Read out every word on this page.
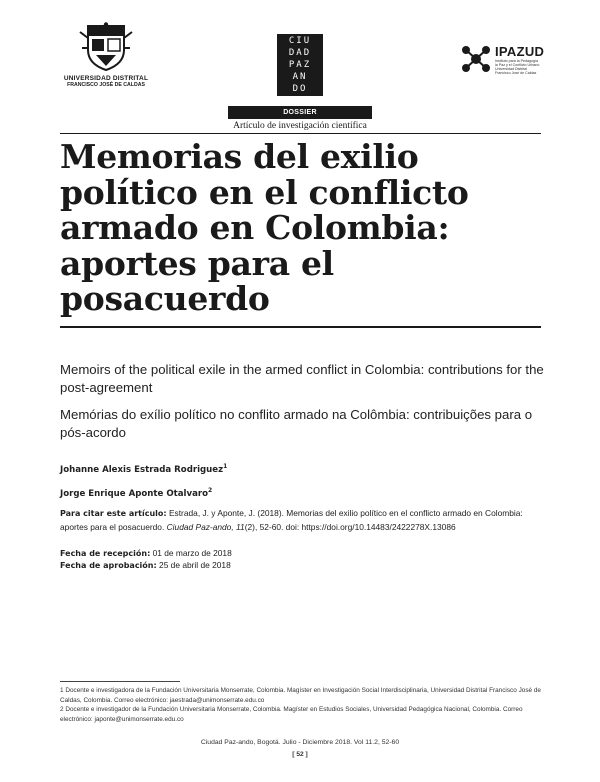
UNIVERSIDAD DISTRITAL
FRANCISCO JOSÉ DE CALDAS
CIU
DAD
PAZ
AN
DO
IPAZUD
Instituto para la Pedagogía
la Paz y el Conflicto Urbano
Universidad Distrital
Francisco José de Caldas
DOSSIER
Artículo de investigación científica
Memorias del exilio político en el conflicto armado en Colombia: aportes para el posacuerdo
Memoirs of the political exile in the armed conflict in Colombia: contributions for the post-agreement
Memórias do exílio político no conflito armado na Colômbia: contribuições para o pós-acordo
Johanne Alexis Estrada Rodriguez$^1$
Jorge Enrique Aponte Otalvaro$^2$
Para citar este artículo: Estrada, J. y Aponte, J. (2018). Memorias del exilio político en el conflicto armado en Colombia: aportes para el posacuerdo. Ciudad Paz-ando, 11(2), 52-60. doi: https://doi.org/10.14483/2422278X.13086
Fecha de recepción: 01 de marzo de 2018
Fecha de aprobación: 25 de abril de 2018
1 Docente e investigadora de la Fundación Universitaria Monserrate, Colombia. Magíster en Investigación Social Interdisciplinaria, Universidad Distrital Francisco José de Caldas, Colombia. Correo electrónico: jaestrada@unimonserrate.edu.co
2 Docente e investigador de la Fundación Universitaria Monserrate, Colombia. Magíster en Estudios Sociales, Universidad Pedagógica Nacional, Colombia. Correo electrónico: japonte@unimonserrate.edu.co
Ciudad Paz-ando, Bogotá. Julio - Diciembre 2018. Vol 11.2, 52-60
[ 52 ]
